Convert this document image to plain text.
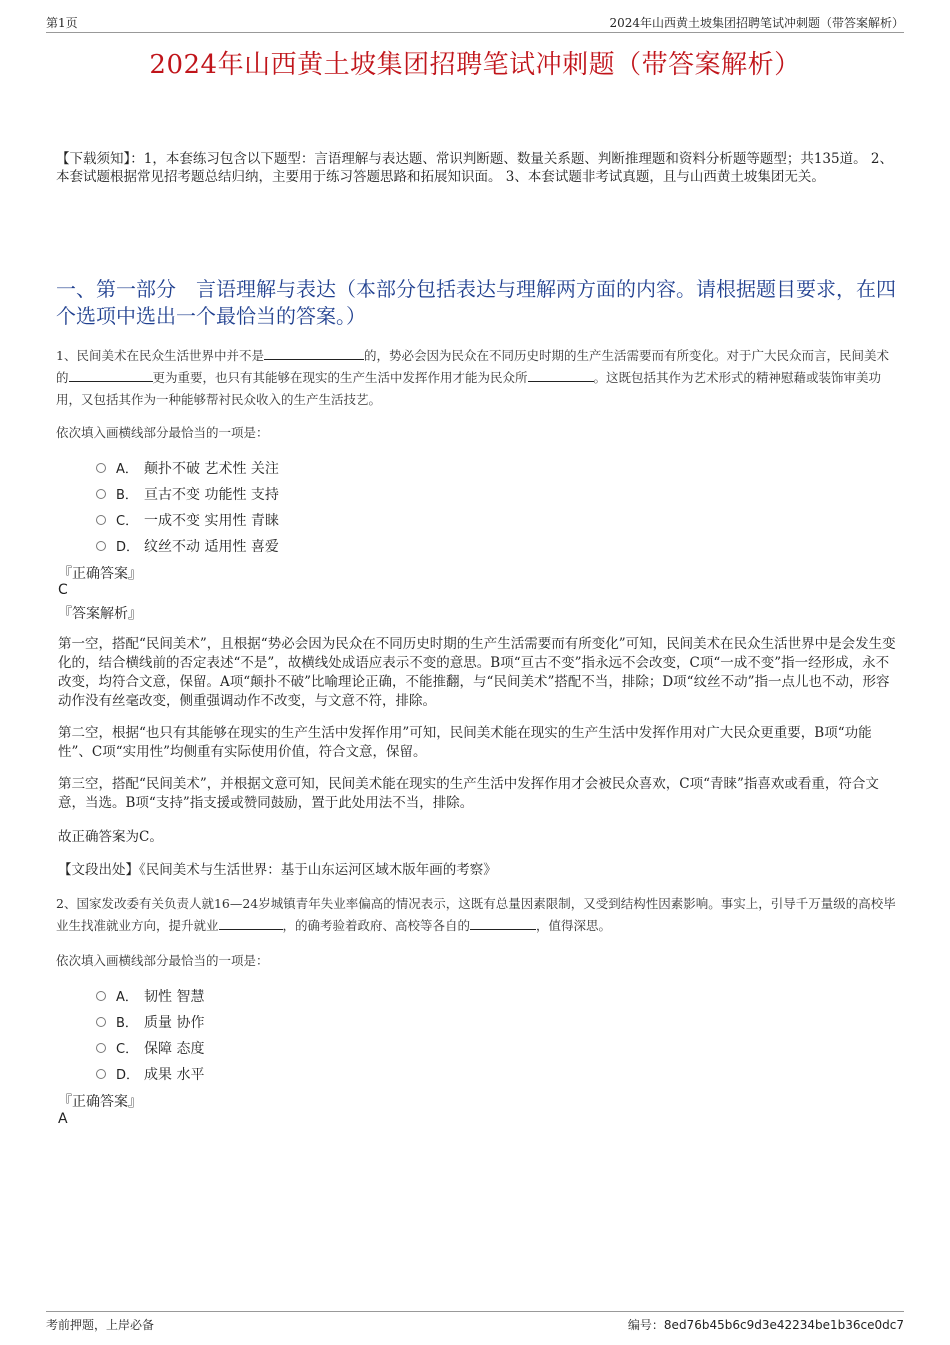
第1页	2024年山西黄土坡集团招聘笔试冲刺题（带答案解析）
2024年山西黄土坡集团招聘笔试冲刺题（带答案解析）
【下载须知】：1，本套练习包含以下题型：言语理解与表达题、常识判断题、数量关系题、判断推理题和资料分析题等题型；共135道。 2、本套试题根据常见招考题总结归纳，主要用于练习答题思路和拓展知识面。 3、本套试题非考试真题，且与山西黄土坡集团无关。
一、第一部分　言语理解与表达（本部分包括表达与理解两方面的内容。请根据题目要求，在四个选项中选出一个最恰当的答案。）
1、民间美术在民众生活世界中并不是	的，势必会因为民众在不同历史时期的生产生活需要而有所变化。对于广大民众而言，民间美术的	更为重要，也只有其能够在现实的生产生活中发挥作用才能为民众所	。这既包括其作为艺术形式的精神慰藉或装饰审美功用，又包括其作为一种能够帮衬民众收入的生产生活技艺。
依次填入画横线部分最恰当的一项是：
A． 颠扑不破 艺术性 关注
B． 亘古不变 功能性 支持
C． 一成不变 实用性 青睐
D． 纹丝不动 适用性 喜爱
『正确答案』
C
『答案解析』
第一空，搭配“民间美术”，且根据“势必会因为民众在不同历史时期的生产生活需要而有所变化”可知，民间美术在民众生活世界中是会发生变化的，结合横线前的否定表述“不是”，故横线处成语应表示不变的意思。B项“亘古不变”指永远不会改变，C项“一成不变”指一经形成，永不改变，均符合文意，保留。A项“颠扑不破”比喻理论正确，不能推翻，与“民间美术”搭配不当，排除；D项“纹丝不动”指一点儿也不动，形容动作没有丝毫改变，侧重强调动作不改变，与文意不符，排除。
第二空，根据“也只有其能够在现实的生产生活中发挥作用”可知，民间美术能在现实的生产生活中发挥作用对广大民众更重要，B项“功能性”、C项“实用性”均侧重有实际使用价值，符合文意，保留。
第三空，搭配“民间美术”，并根据文意可知，民间美术能在现实的生产生活中发挥作用才会被民众喜欢，C项“青睐”指喜欢或看重，符合文意，当选。B项“支持”指支援或赞同鼓励，置于此处用法不当，排除。
故正确答案为C。
【文段出处】《民间美术与生活世界：基于山东运河区域木版年画的考察》
2、国家发改委有关负责人就16—24岁城镇青年失业率偏高的情况表示，这既有总量因素限制，又受到结构性因素影响。事实上，引导千万量级的高校毕业生找准就业方向，提升就业	，的确考验着政府、高校等各自的	，值得深思。
依次填入画横线部分最恰当的一项是：
A． 韧性 智慧
B． 质量 协作
C． 保障 态度
D． 成果 水平
『正确答案』
A
考前押题，上岸必备	编号：8ed76b45b6c9d3e42234be1b36ce0dc7
